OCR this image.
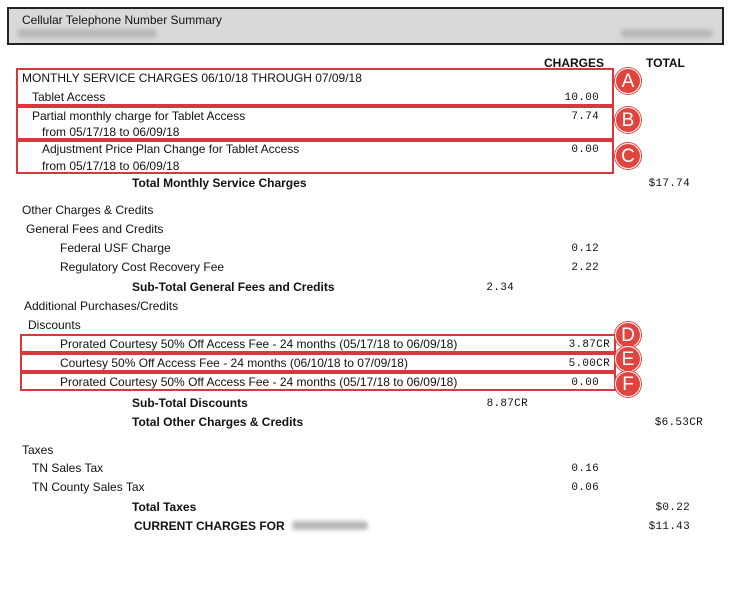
Cellular Telephone Number Summary
CHARGES	TOTAL
MONTHLY SERVICE CHARGES 06/10/18 THROUGH 07/09/18
Tablet Access	10.00
Partial monthly charge for Tablet Access	7.74
from 05/17/18 to 06/09/18
Adjustment Price Plan Change for Tablet Access	0.00
from 05/17/18 to 06/09/18
Total Monthly Service Charges	$17.74
Other Charges & Credits
General Fees and Credits
Federal USF Charge	0.12
Regulatory Cost Recovery Fee	2.22
Sub-Total General Fees and Credits	2.34
Additional Purchases/Credits
Discounts
Prorated Courtesy 50% Off Access Fee - 24 months (05/17/18 to 06/09/18)	3.87CR
Courtesy 50% Off Access Fee - 24 months (06/10/18 to 07/09/18)	5.00CR
Prorated Courtesy 50% Off Access Fee - 24 months (05/17/18 to 06/09/18)	0.00
Sub-Total Discounts	8.87CR
Total Other Charges & Credits	$6.53CR
Taxes
TN Sales Tax	0.16
TN County Sales Tax	0.06
Total Taxes	$0.22
CURRENT CHARGES FOR	$11.43
A
B
C
D
E
F
